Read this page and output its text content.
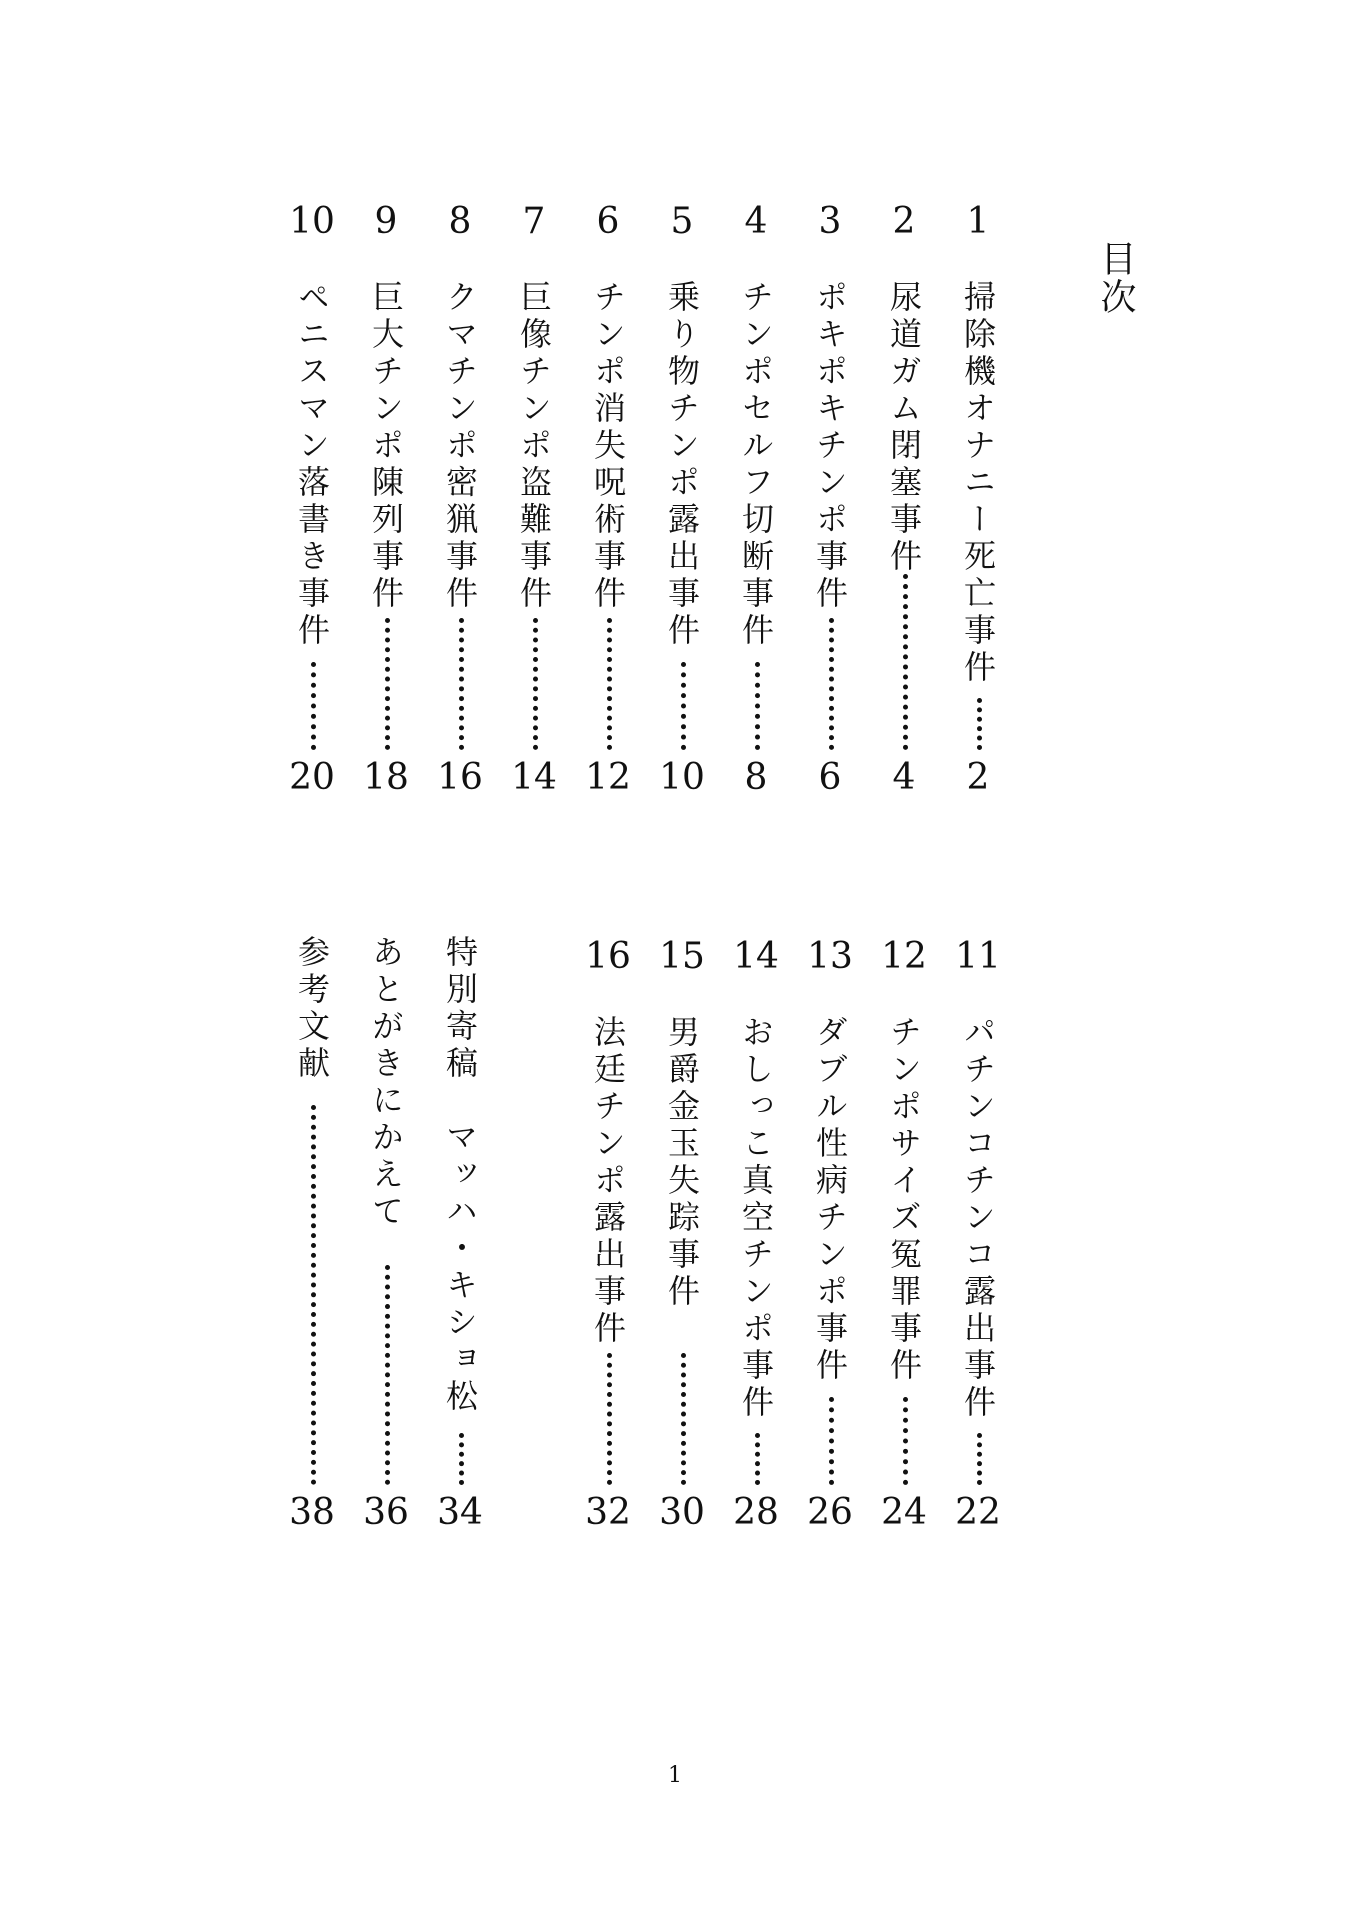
目次
1
掃除機オナニー死亡事件
2
2
尿道ガム閉塞事件
4
3
ポキポキチンポ事件
6
4
チンポセルフ切断事件
8
5
乗り物チンポ露出事件
10
6
チンポ消失呪術事件
12
7
巨像チンポ盗難事件
14
8
クマチンポ密猟事件
16
9
巨大チンポ陳列事件
18
10
ペニスマン落書き事件
20
11
パチンコチンコ露出事件
22
12
チンポサイズ冤罪事件
24
13
ダブル性病チンポ事件
26
14
おしっこ真空チンポ事件
28
15
男爵金玉失踪事件
30
16
法廷チンポ露出事件
32
特別寄稿　マッハ・キショ松
34
あとがきにかえて
36
参考文献
38
1
